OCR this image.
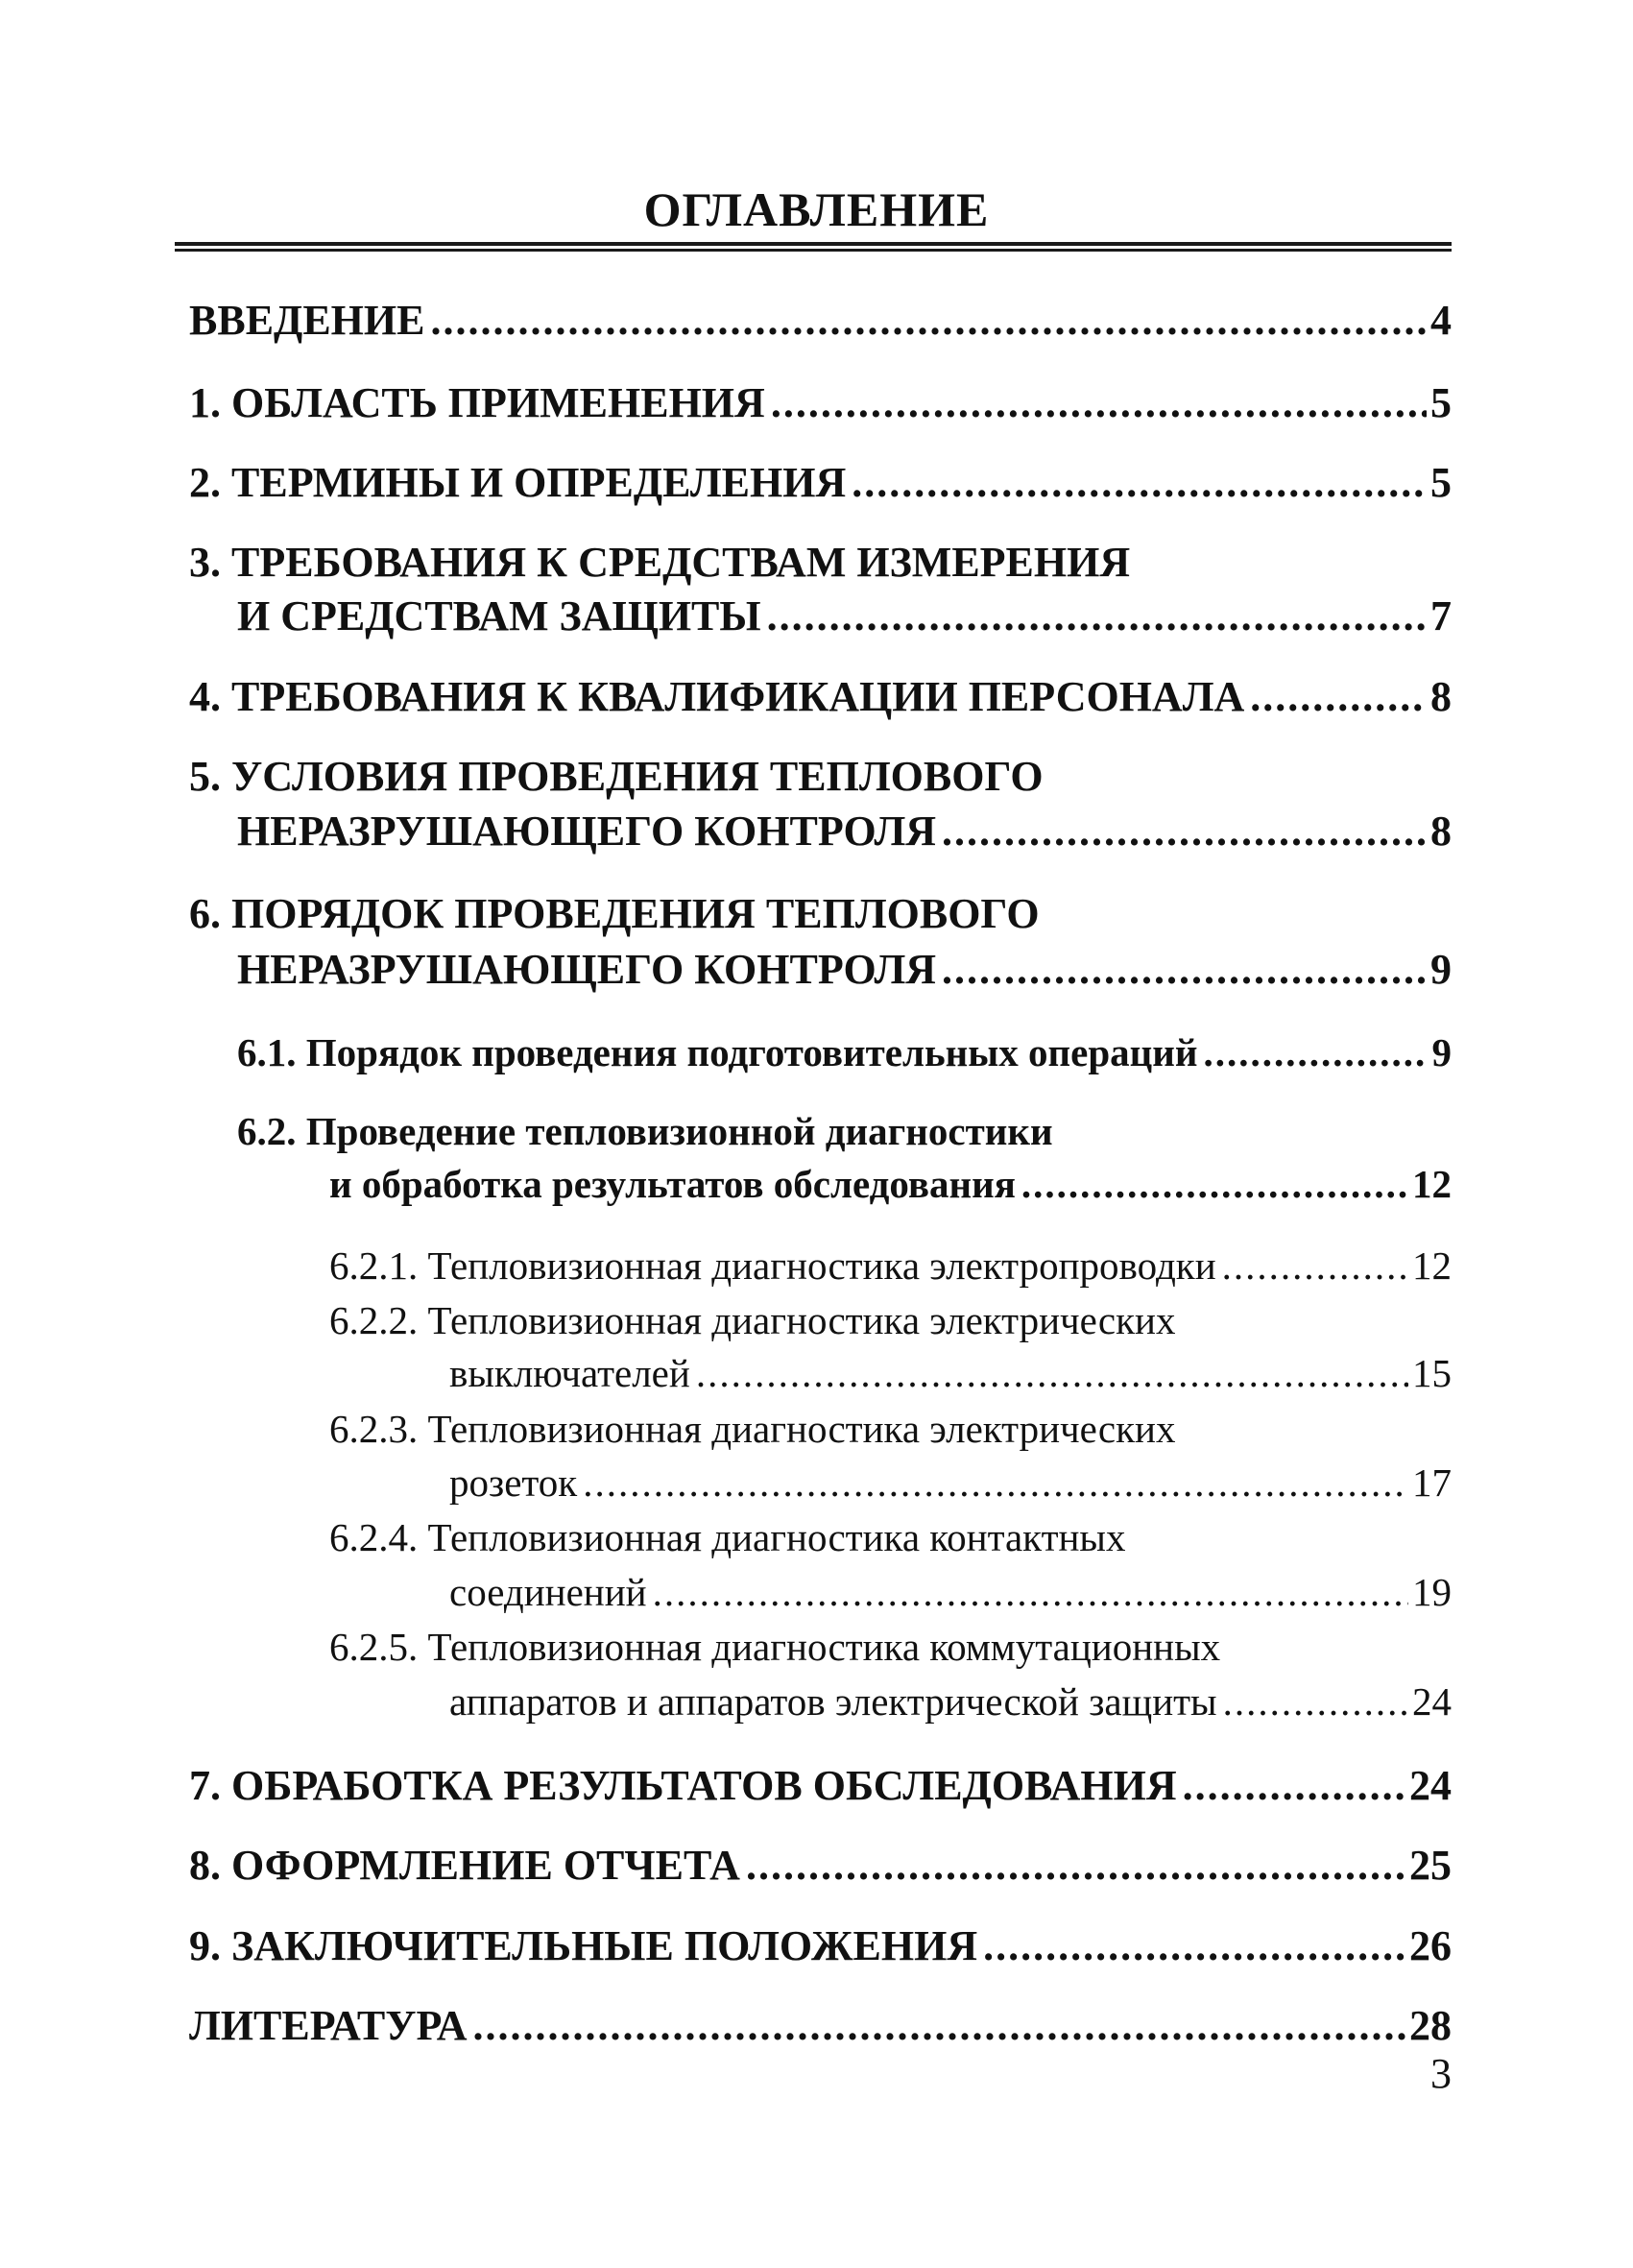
ОГЛАВЛЕНИЕ
ВВЕДЕНИЕ .....	4
1. ОБЛАСТЬ ПРИМЕНЕНИЯ .....	5
2. ТЕРМИНЫ И ОПРЕДЕЛЕНИЯ .....	5
3. ТРЕБОВАНИЯ К СРЕДСТВАМ ИЗМЕРЕНИЯ
И СРЕДСТВАМ ЗАЩИТЫ .....	7
4. ТРЕБОВАНИЯ К КВАЛИФИКАЦИИ ПЕРСОНАЛА .....	8
5. УСЛОВИЯ ПРОВЕДЕНИЯ ТЕПЛОВОГО
НЕРАЗРУШАЮЩЕГО КОНТРОЛЯ .....	8
6. ПОРЯДОК ПРОВЕДЕНИЯ ТЕПЛОВОГО
НЕРАЗРУШАЮЩЕГО КОНТРОЛЯ .....	9
6.1. Порядок проведения подготовительных операций .....	9
6.2. Проведение тепловизионной диагностики
и обработка результатов обследования .....	12
6.2.1. Тепловизионная диагностика электропроводки .....	12
6.2.2. Тепловизионная диагностика электрических
выключателей .....	15
6.2.3. Тепловизионная диагностика электрических
розеток .....	17
6.2.4. Тепловизионная диагностика контактных
соединений .....	19
6.2.5. Тепловизионная диагностика коммутационных
аппаратов и аппаратов электрической защиты .....	24
7. ОБРАБОТКА РЕЗУЛЬТАТОВ ОБСЛЕДОВАНИЯ .....	24
8. ОФОРМЛЕНИЕ ОТЧЕТА .....	25
9. ЗАКЛЮЧИТЕЛЬНЫЕ ПОЛОЖЕНИЯ .....	26
ЛИТЕРАТУРА .....	28
3
